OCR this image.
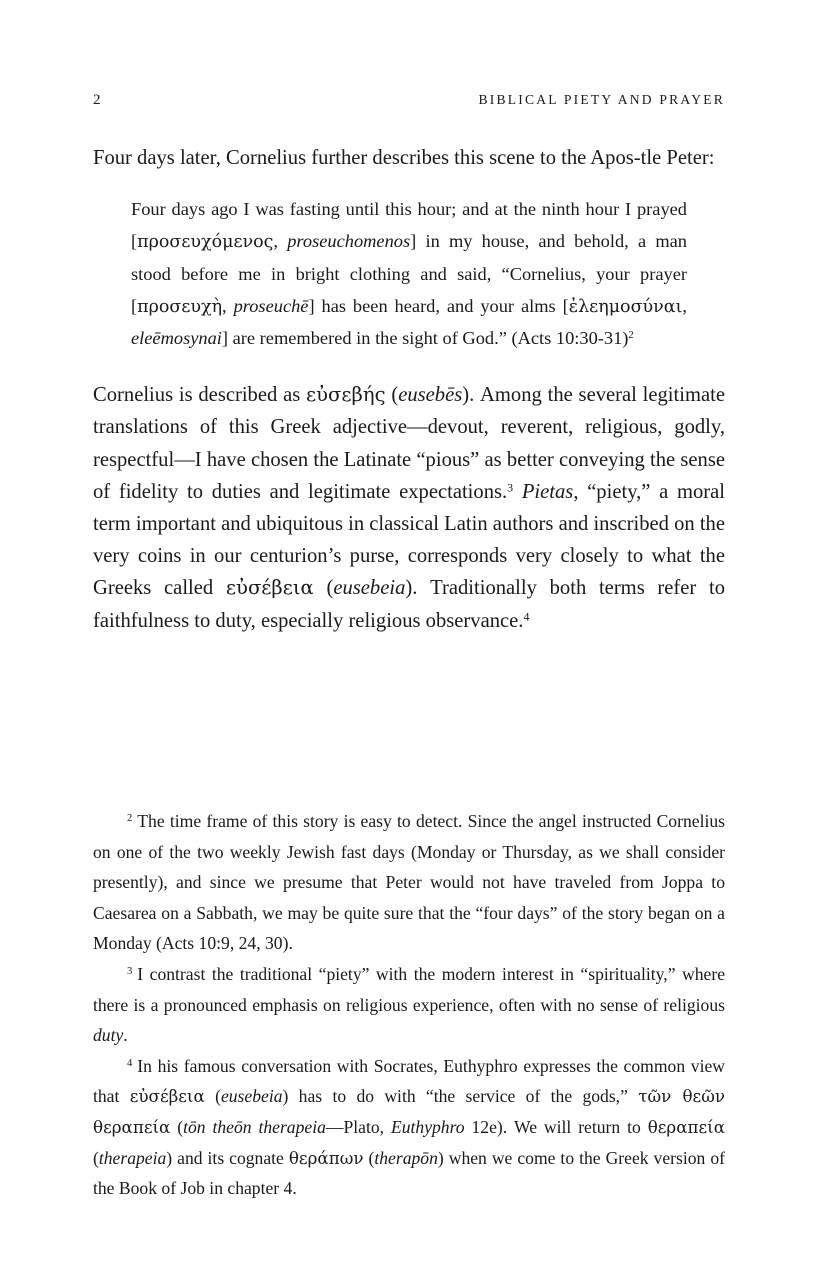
2	BIBLICAL PIETY AND PRAYER

Four days later, Cornelius further describes this scene to the Apos-tle Peter:

Four days ago I was fasting until this hour; and at the ninth hour I prayed [προσευχόμενος, proseuchomenos] in my house, and behold, a man stood before me in bright clothing and said, “Cornelius, your prayer [προσευχὴ, proseuchē] has been heard, and your alms [ἐλεημοσύναι, eleēmosynai] are remembered in the sight of God.” (Acts 10:30-31)$^2$

Cornelius is described as εὐσεβής (eusebēs). Among the several legitimate translations of this Greek adjective—devout, reverent, religious, godly, respectful—I have chosen the Latinate “pious” as better conveying the sense of fidelity to duties and legitimate expectations.$^3$ Pietas, “piety,” a moral term important and ubiquitous in classical Latin authors and inscribed on the very coins in our centurion’s purse, corresponds very closely to what the Greeks called εὐσέβεια (eusebeia). Traditionally both terms refer to faithfulness to duty, especially religious observance.$^4$

$^2$ The time frame of this story is easy to detect. Since the angel instructed Cornelius on one of the two weekly Jewish fast days (Monday or Thursday, as we shall consider presently), and since we presume that Peter would not have traveled from Joppa to Caesarea on a Sabbath, we may be quite sure that the “four days” of the story began on a Monday (Acts 10:9, 24, 30).

$^3$ I contrast the traditional “piety” with the modern interest in “spirituality,” where there is a pronounced emphasis on religious experience, often with no sense of religious duty.

$^4$ In his famous conversation with Socrates, Euthyphro expresses the common view that εὐσέβεια (eusebeia) has to do with “the service of the gods,” τῶν θεῶν θεραπεία (tōn theōn therapeia—Plato, Euthyphro 12e). We will return to θεραπεία (therapeia) and its cognate θεράπων (therapōn) when we come to the Greek version of the Book of Job in chapter 4.
